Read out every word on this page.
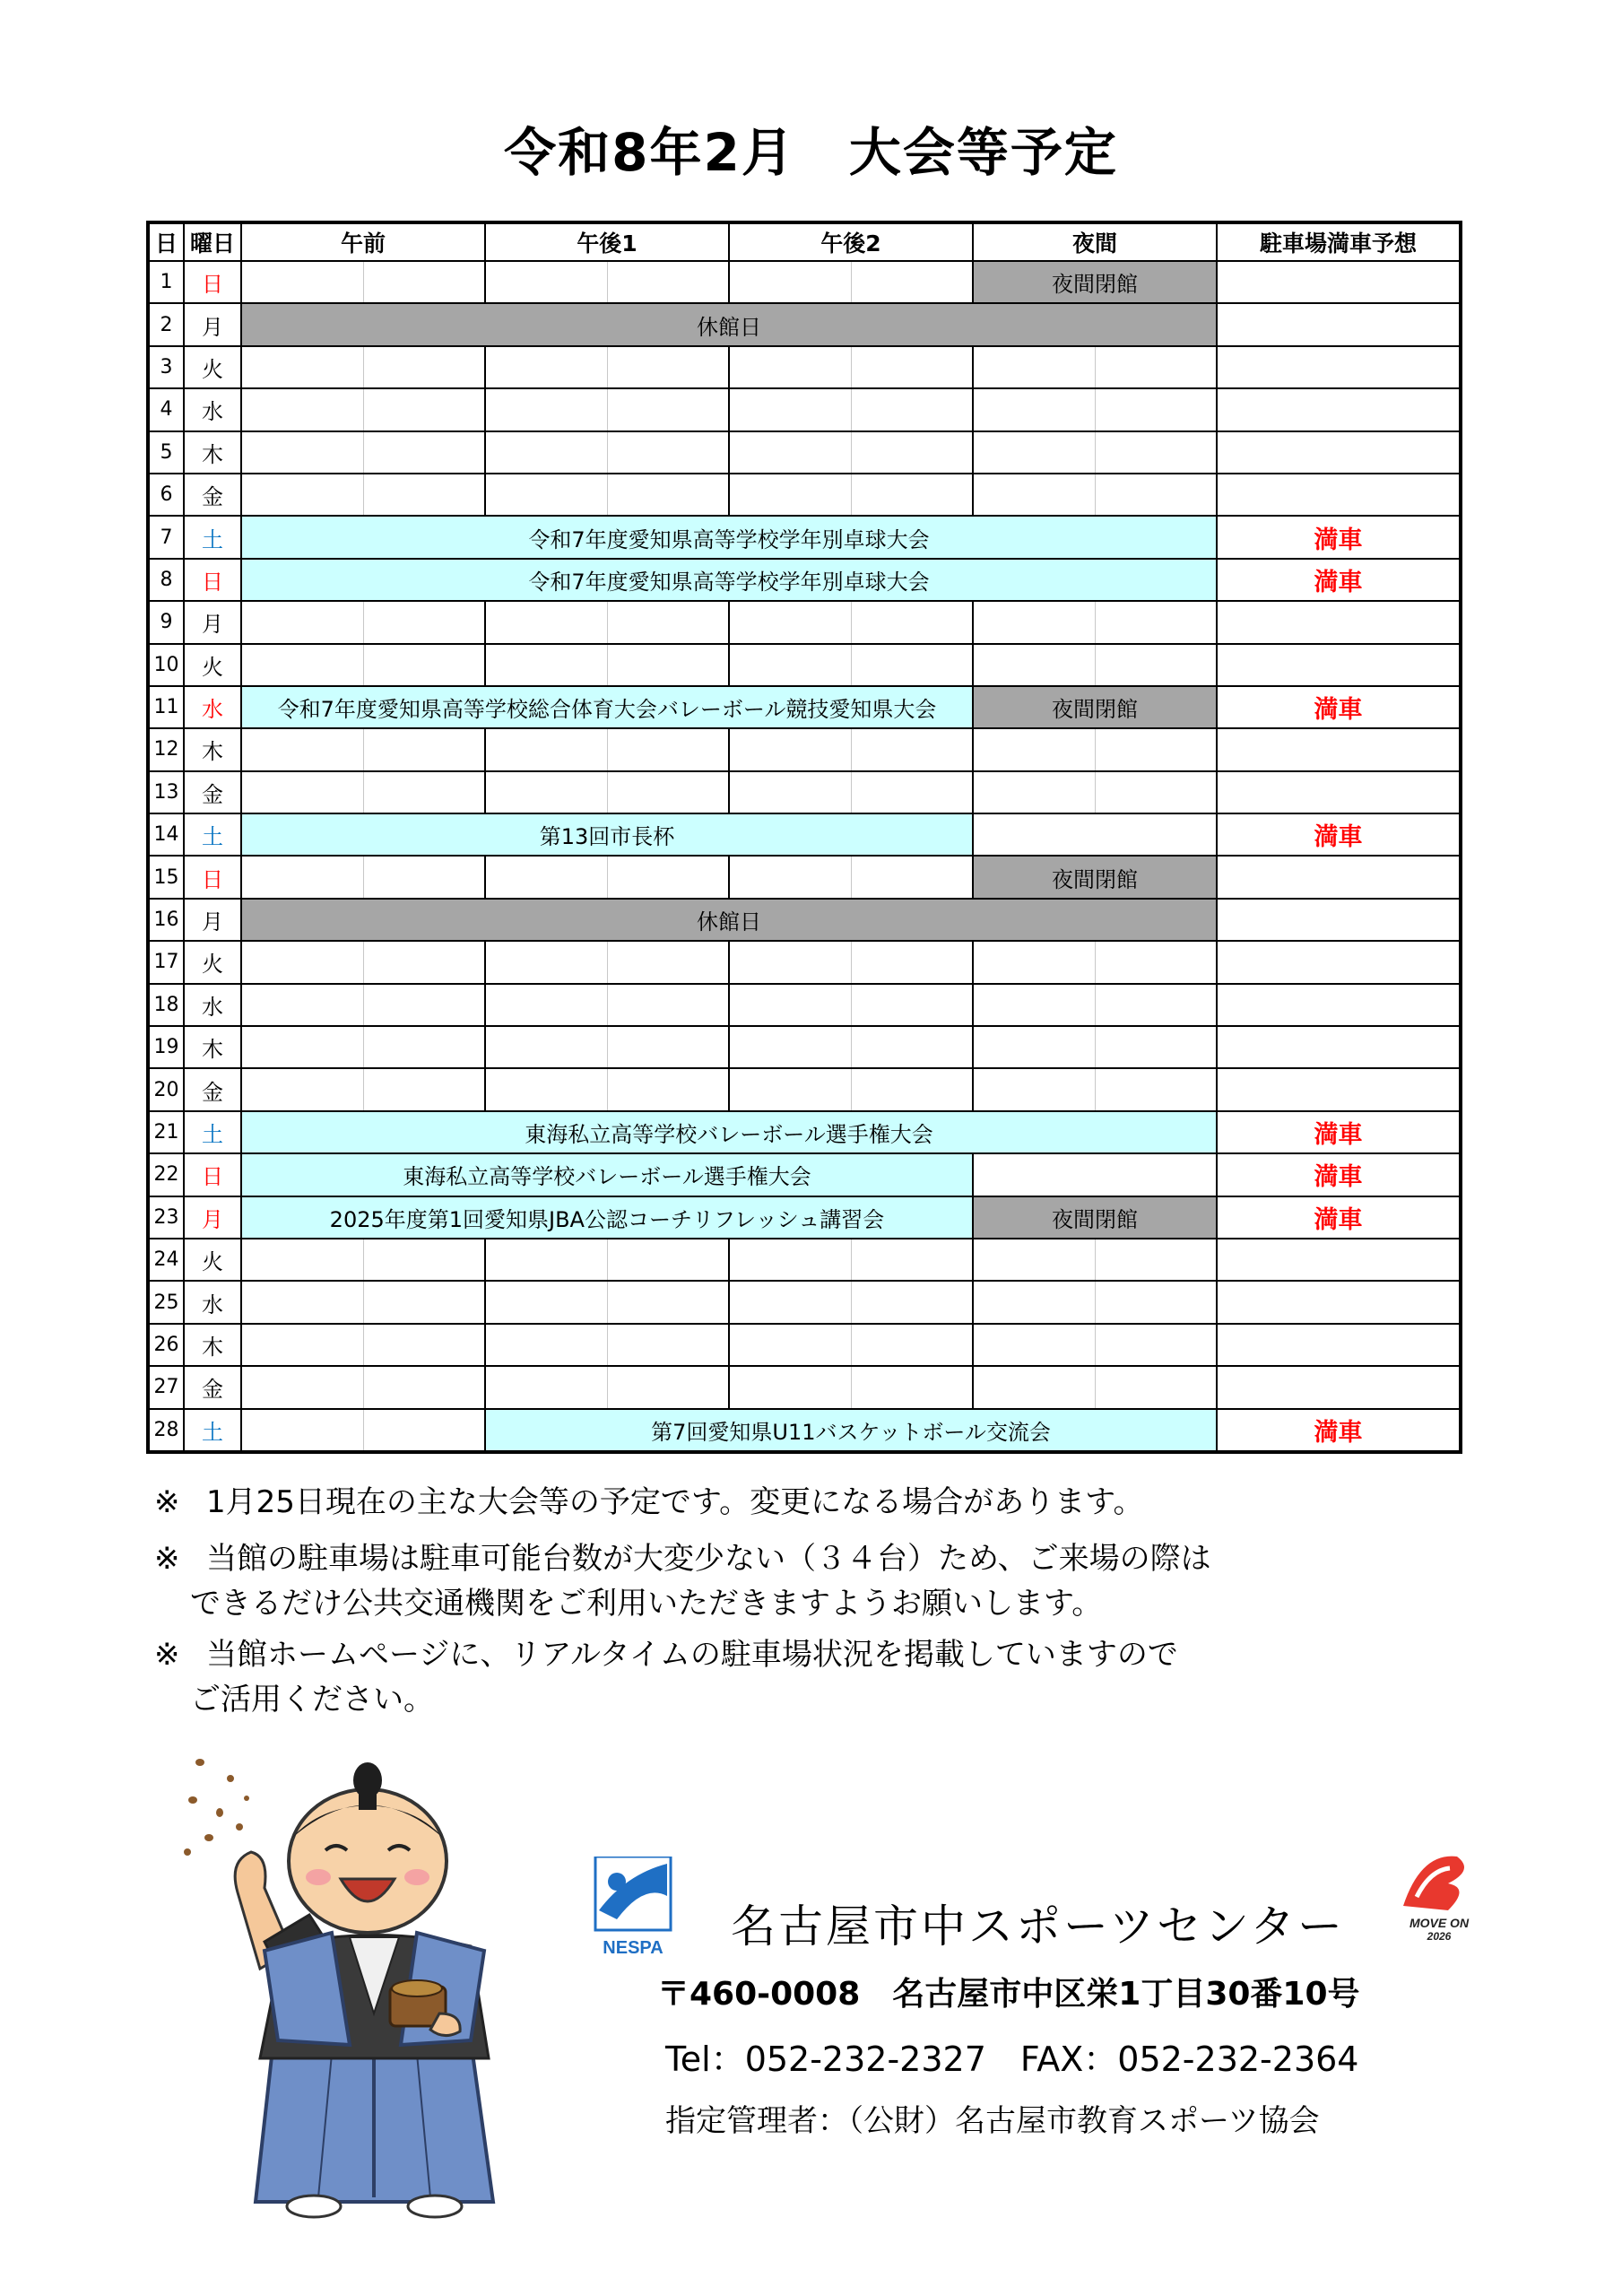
令和8年2月　大会等予定
日	曜日	午前		午後1		午後2		夜間		駐車場満車予想
1	日							夜間閉館		
2	月	休館日								
3	火									
4	水									
5	木									
6	金									
7	土	令和7年度愛知県高等学校学年別卓球大会								満車
8	日	令和7年度愛知県高等学校学年別卓球大会								満車
9	月									
10	火									
11	水	令和7年度愛知県高等学校総合体育大会バレーボール競技愛知県大会						夜間閉館		満車
12	木									
13	金									
14	土	第13回市長杯								満車
15	日							夜間閉館		
16	月	休館日								
17	火									
18	水									
19	木									
20	金									
21	土	東海私立高等学校バレーボール選手権大会								満車
22	日	東海私立高等学校バレーボール選手権大会								満車
23	月	2025年度第1回愛知県JBA公認コーチリフレッシュ講習会						夜間閉館		満車
24	火									
25	水									
26	木									
27	金									
28	土			第7回愛知県U11バスケットボール交流会						満車
※ 1月25日現在の主な大会等の予定です。変更になる場合があります。
※ 当館の駐車場は駐車可能台数が大変少ない（３４台）ため、ご来場の際は
できるだけ公共交通機関をご利用いただきますようお願いします。
※ 当館ホームページに、リアルタイムの駐車場状況を掲載していますので
ご活用ください。
NESPA
MOVE ON
2026
名古屋市中スポーツセンター
〒460-0008　名古屋市中区栄1丁目30番10号
Tel：052-232-2327　FAX：052-232-2364
指定管理者：（公財）名古屋市教育スポーツ協会
